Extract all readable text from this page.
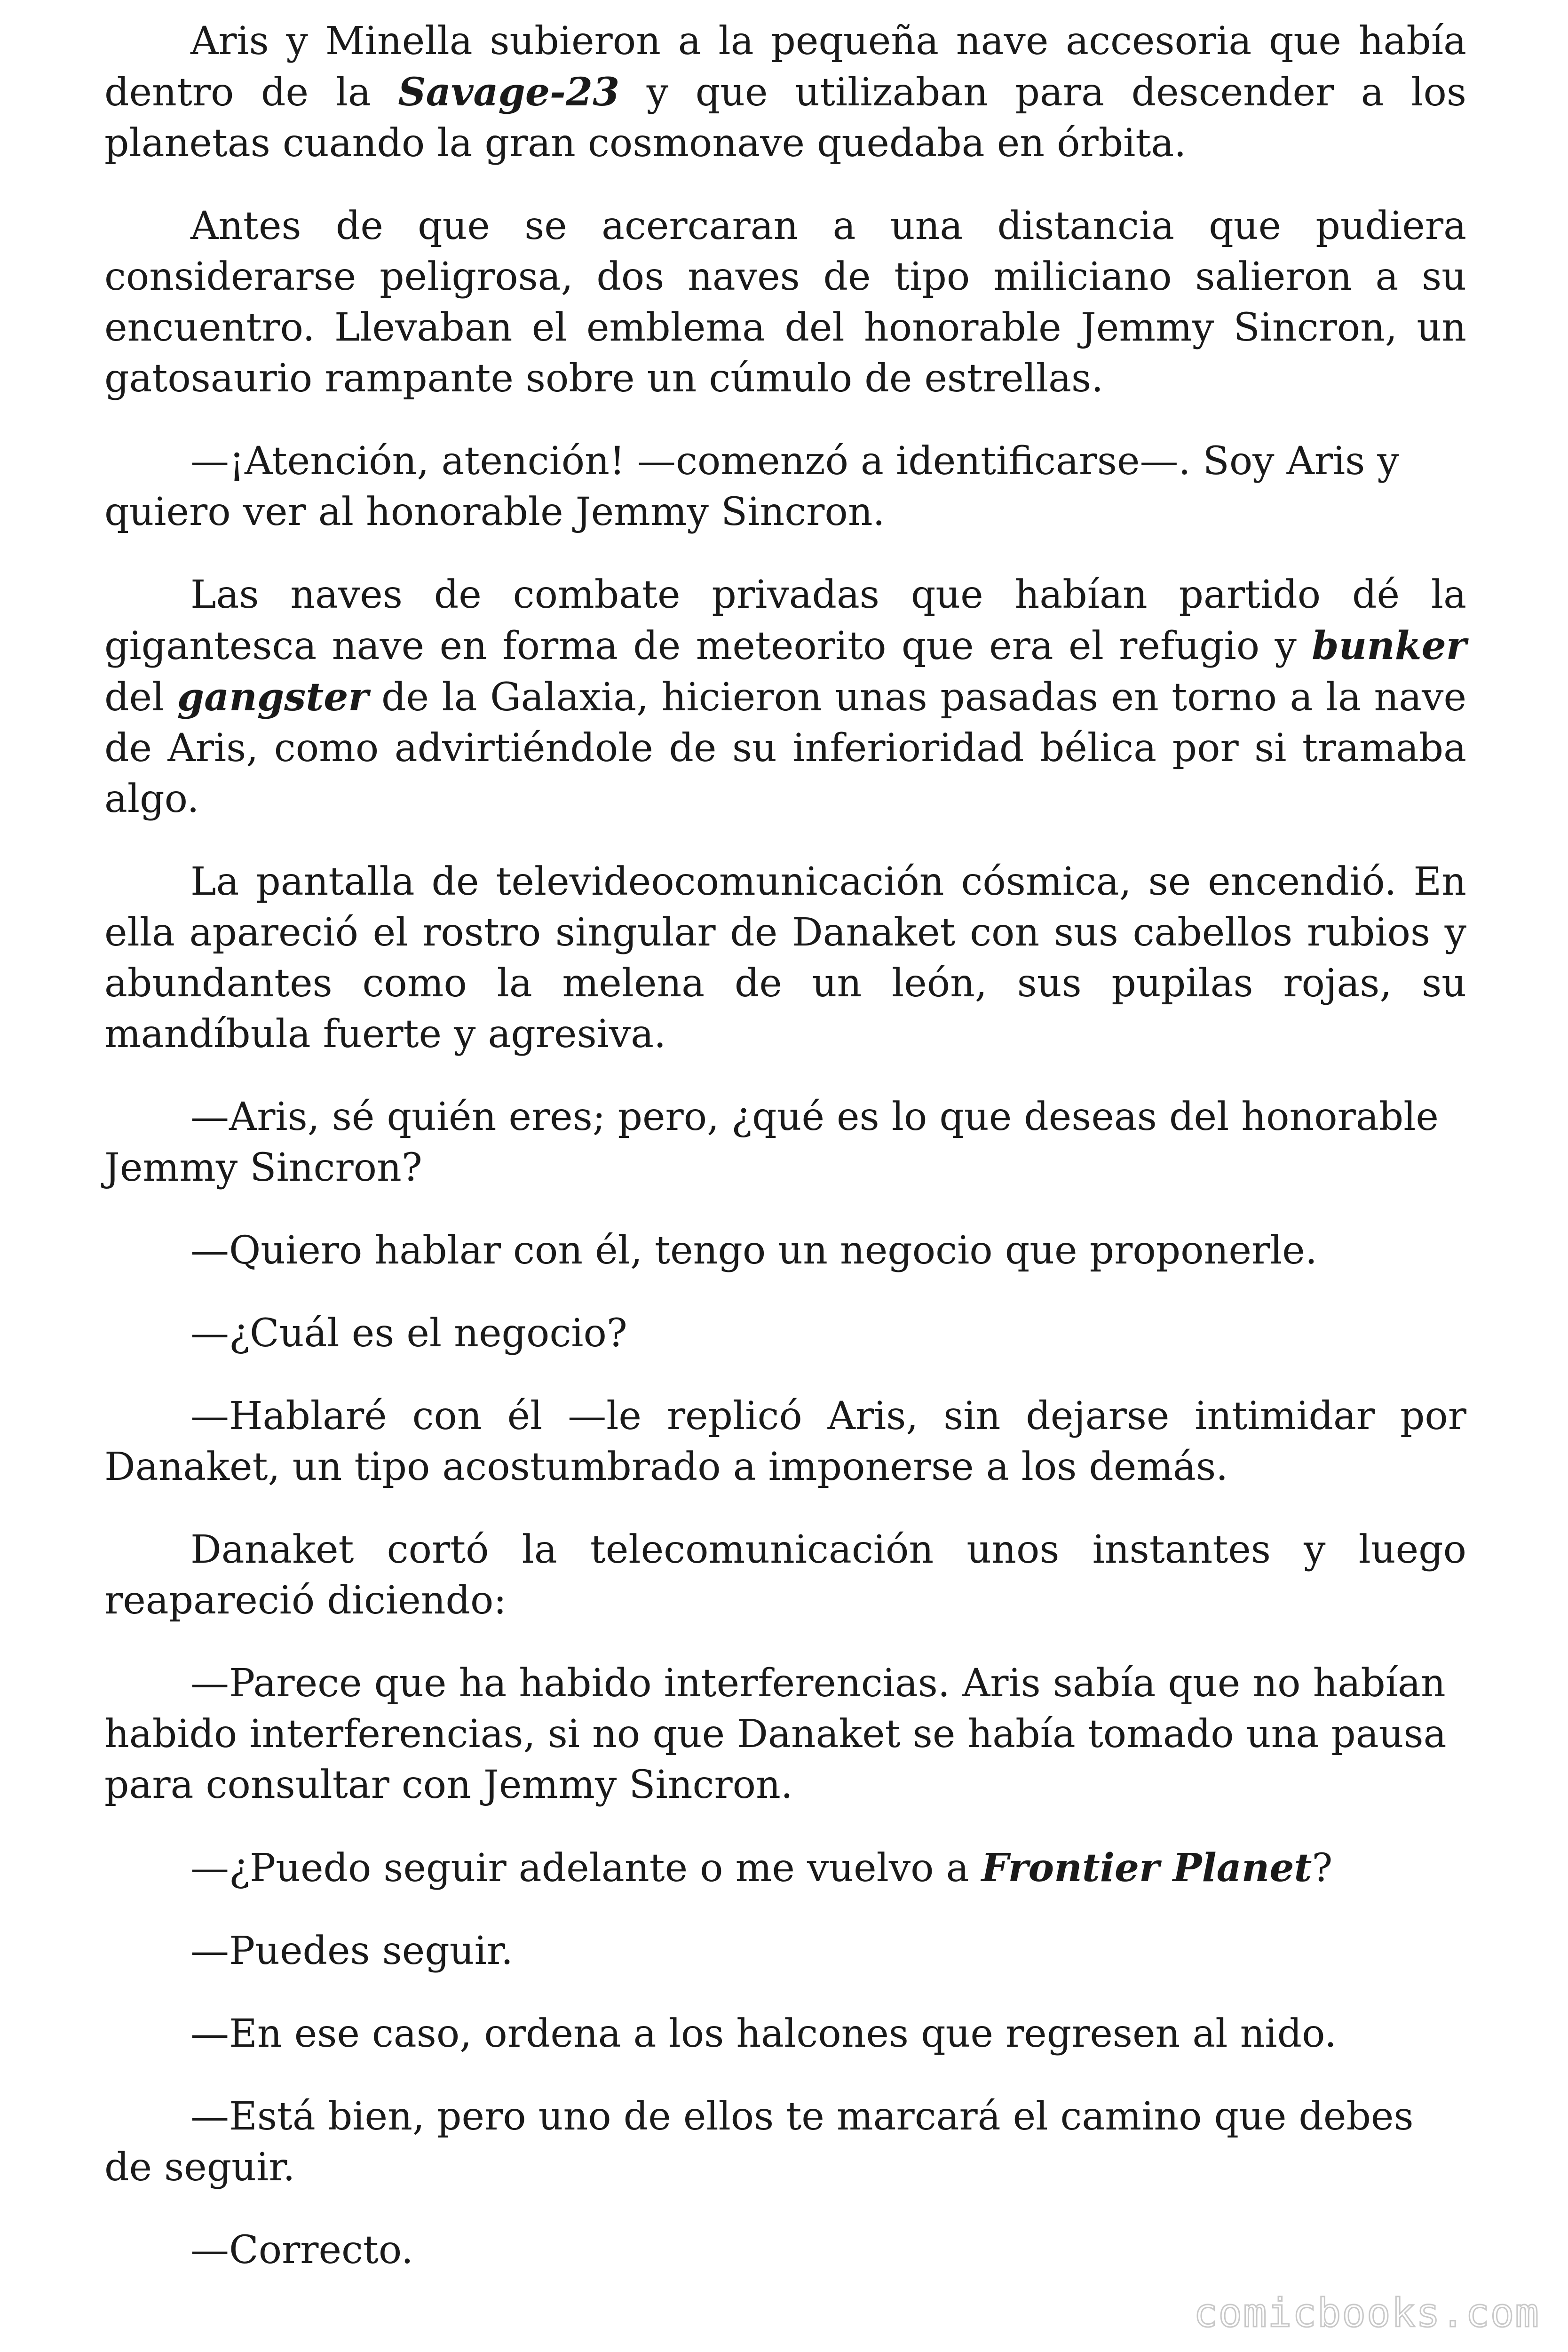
Aris y Minella subieron a la pequeña nave accesoria que había dentro de la Savage-23 y que utilizaban para descender a los planetas cuando la gran cosmonave quedaba en órbita.

Antes de que se acercaran a una distancia que pudiera considerarse peligrosa, dos naves de tipo miliciano salieron a su encuentro. Llevaban el emblema del honorable Jemmy Sincron, un gatosaurio rampante sobre un cúmulo de estrellas.

—¡Atención, atención! —comenzó a identificarse—. Soy Aris y quiero ver al honorable Jemmy Sincron.

Las naves de combate privadas que habían partido dé la gigantesca nave en forma de meteorito que era el refugio y bunker del gangster de la Galaxia, hicieron unas pasadas en torno a la nave de Aris, como advirtiéndole de su inferioridad bélica por si tramaba algo.

La pantalla de televideocomunicación cósmica, se encendió. En ella apareció el rostro singular de Danaket con sus cabellos rubios y abundantes como la melena de un león, sus pupilas rojas, su mandíbula fuerte y agresiva.

—Aris, sé quién eres; pero, ¿qué es lo que deseas del honorable Jemmy Sincron?

—Quiero hablar con él, tengo un negocio que proponerle.

—¿Cuál es el negocio?

—Hablaré con él —le replicó Aris, sin dejarse intimidar por Danaket, un tipo acostumbrado a imponerse a los demás.

Danaket cortó la telecomunicación unos instantes y luego reapareció diciendo:

—Parece que ha habido interferencias. Aris sabía que no habían habido interferencias, si no que Danaket se había tomado una pausa para consultar con Jemmy Sincron.

—¿Puedo seguir adelante o me vuelvo a Frontier Planet?

—Puedes seguir.

—En ese caso, ordena a los halcones que regresen al nido.

—Está bien, pero uno de ellos te marcará el camino que debes de seguir.

—Correcto.

comicbooks.com
